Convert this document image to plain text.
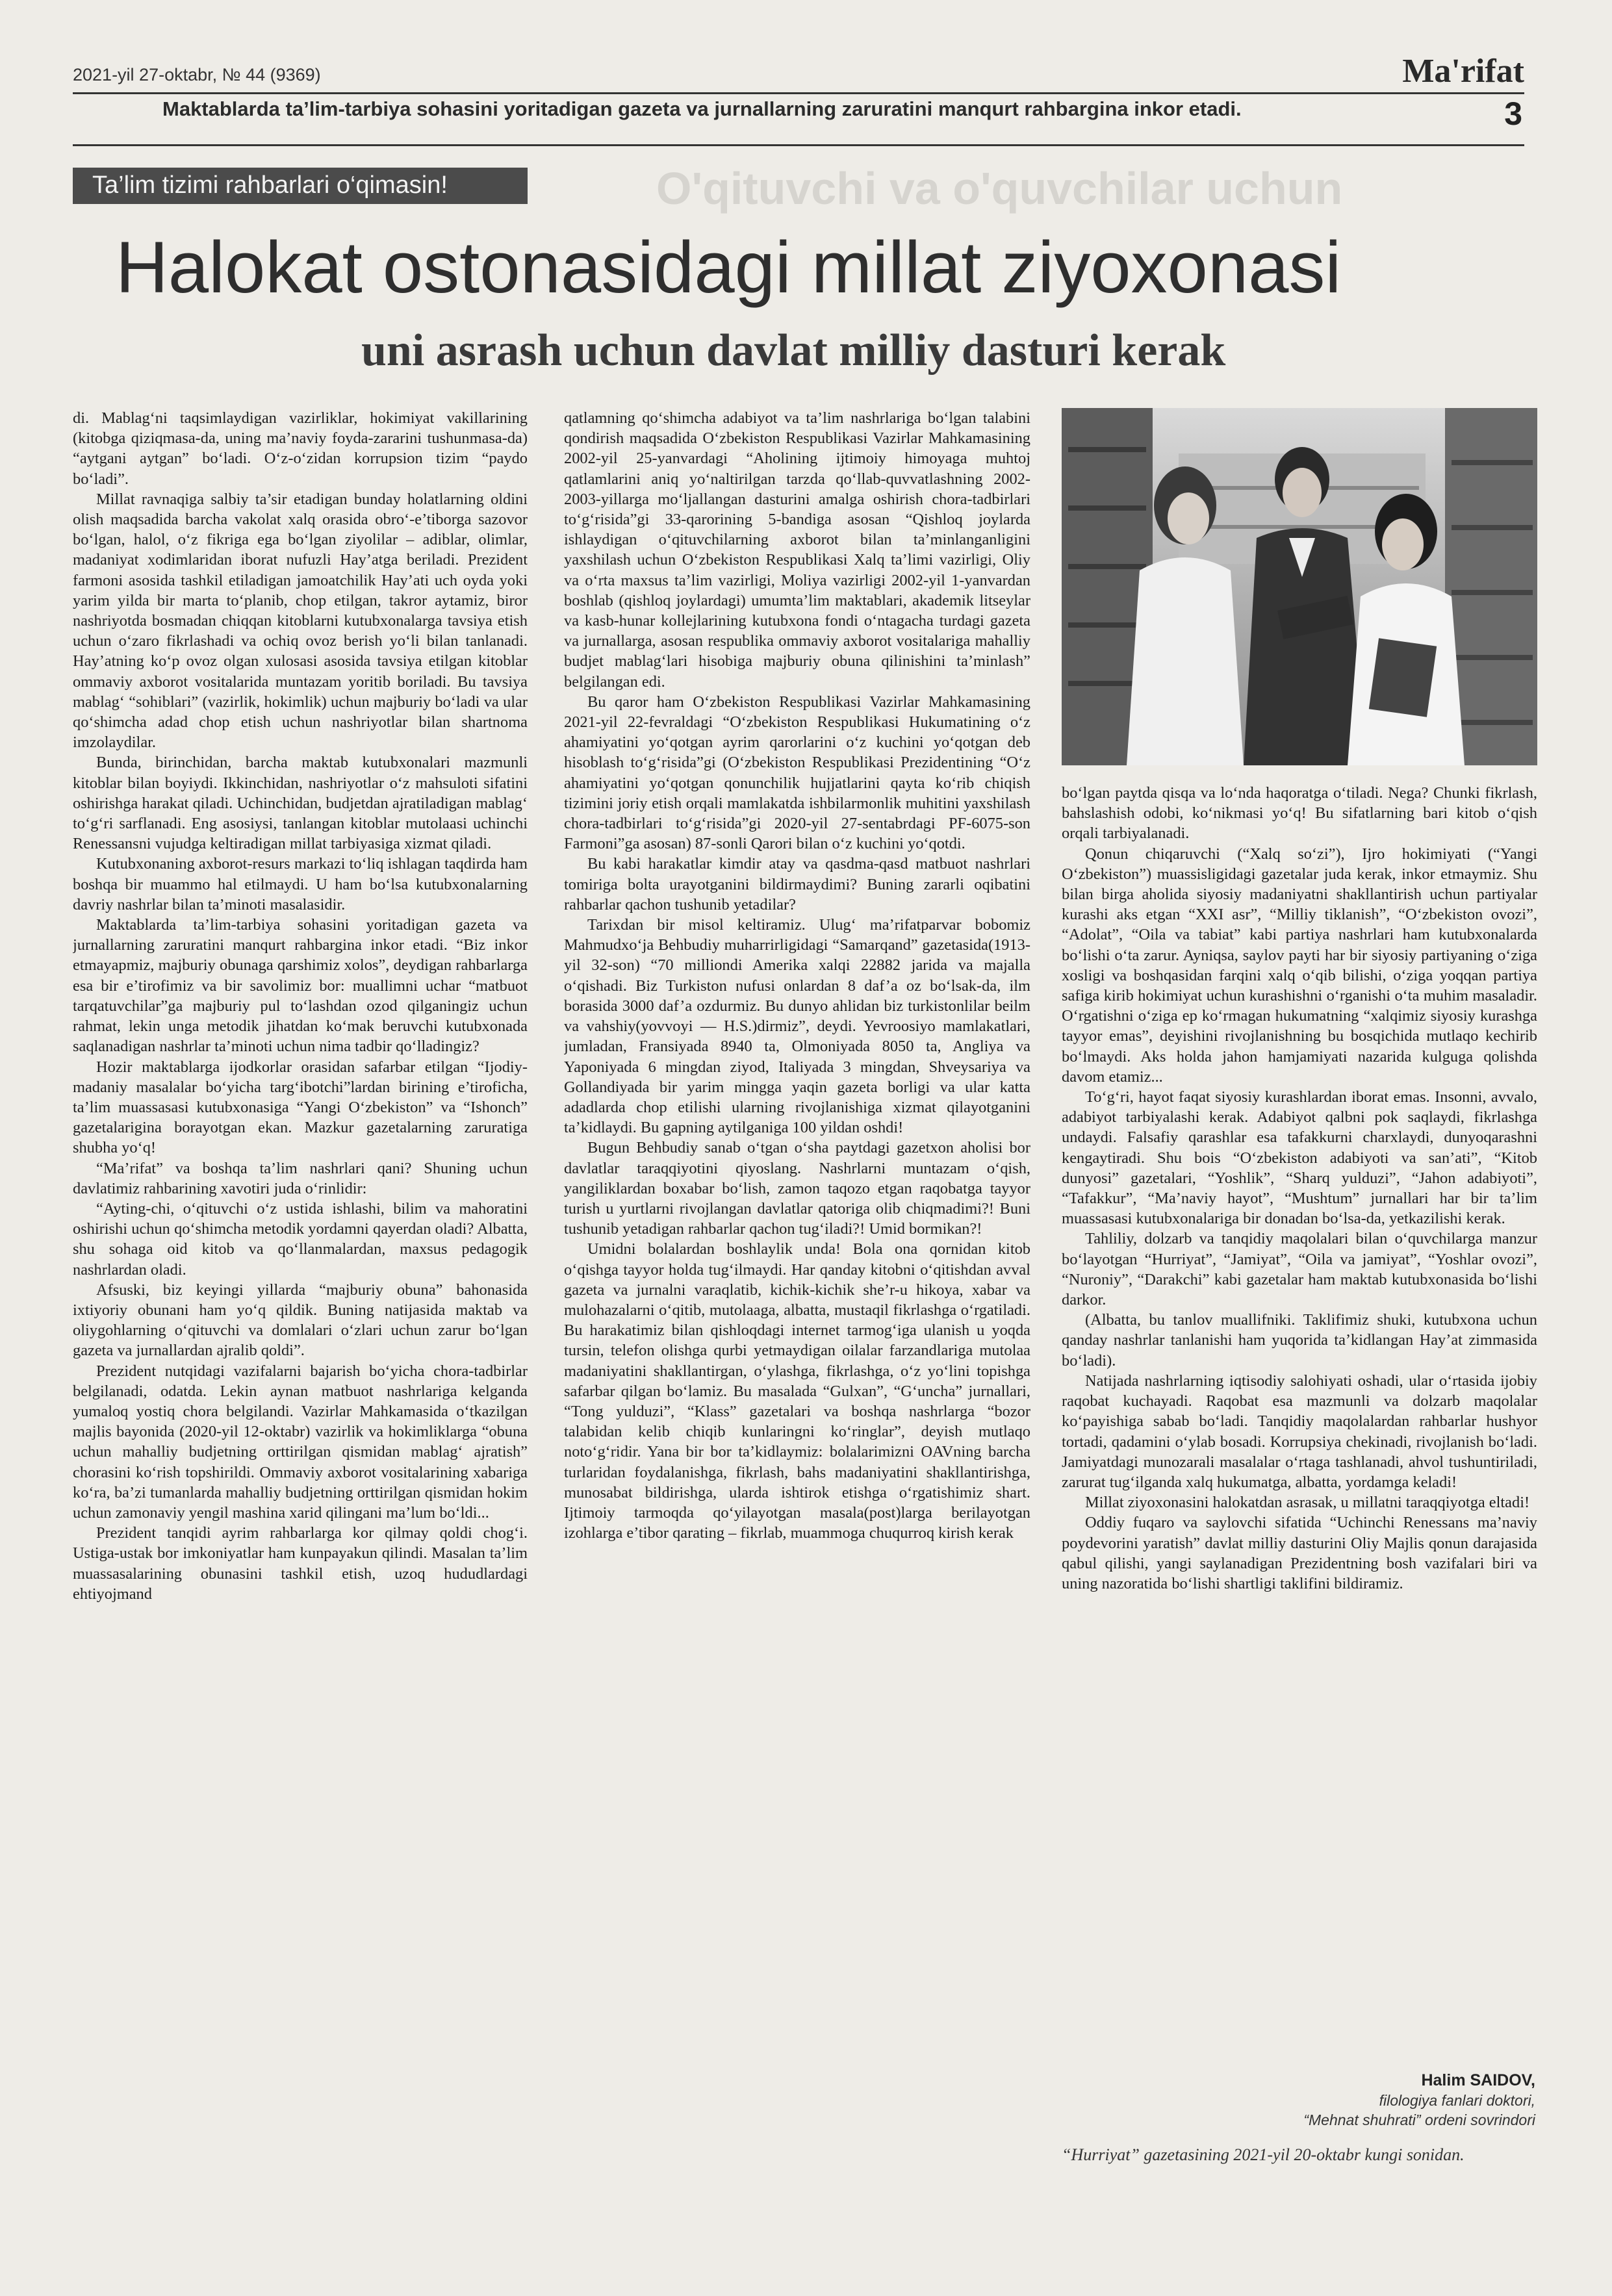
2021-yil 27-oktabr, № 44 (9369)	Ma'rifat
Maktablarda ta’lim-tarbiya sohasini yoritadigan gazeta va jurnallarning zaruratini manqurt rahbargina inkor etadi.	3
Ta’lim tizimi rahbarlari o‘qimasin!	O'qituvchi va o'quvchilar uchun
Halokat ostonasidagi millat ziyoxonasi
uni asrash uchun davlat milliy dasturi kerak

di. Mablag‘ni taqsimlaydigan vazirliklar, hokimiyat vakillarining (kitobga qiziqmasa-da, uning ma’naviy foyda-zararini tushunmasa-da) “aytgani aytgan” bo‘ladi. O‘z-o‘zidan korrupsion tizim “paydo bo‘ladi”.

Millat ravnaqiga salbiy ta’sir etadigan bunday holatlarning oldini olish maqsadida barcha vakolat xalq orasida obro‘-e’tiborga sazovor bo‘lgan, halol, o‘z fikriga ega bo‘lgan ziyolilar – adiblar, olimlar, madaniyat xodimlaridan iborat nufuzli Hay’atga beriladi. Prezident farmoni asosida tashkil etiladigan jamoatchilik Hay’ati uch oyda yoki yarim yilda bir marta to‘planib, chop etilgan, takror aytamiz, biror nashriyotda bosmadan chiqqan kitoblarni kutubxonalarga tavsiya etish uchun o‘zaro fikrlashadi va ochiq ovoz berish yo‘li bilan tanlanadi. Hay’atning ko‘p ovoz olgan xulosasi asosida tavsiya etilgan kitoblar ommaviy axborot vositalarida muntazam yoritib boriladi. Bu tavsiya mablag‘ “sohiblari” (vazirlik, hokimlik) uchun majburiy bo‘ladi va ular qo‘shimcha adad chop etish uchun nashriyotlar bilan shartnoma imzolaydilar.

Bunda, birinchidan, barcha maktab kutubxonalari mazmunli kitoblar bilan boyiydi. Ikkinchidan, nashriyotlar o‘z mahsuloti sifatini oshirishga harakat qiladi. Uchinchidan, budjetdan ajratiladigan mablag‘ to‘g‘ri sarflanadi. Eng asosiysi, tanlangan kitoblar mutolaasi uchinchi Renessansni vujudga keltiradigan millat tarbiyasiga xizmat qiladi.

Kutubxonaning axborot-resurs markazi to‘liq ishlagan taqdirda ham boshqa bir muammo hal etilmaydi. U ham bo‘lsa kutubxonalarning davriy nashrlar bilan ta’minoti masalasidir.

Maktablarda ta’lim-tarbiya sohasini yoritadigan gazeta va jurnallarning zaruratini manqurt rahbargina inkor etadi. “Biz inkor etmayapmiz, majburiy obunaga qarshimiz xolos”, deydigan rahbarlarga esa bir e’tirofimiz va bir savolimiz bor: muallimni uchar “matbuot tarqatuvchilar”ga majburiy pul to‘lashdan ozod qilganingiz uchun rahmat, lekin unga metodik jihatdan ko‘mak beruvchi kutubxonada saqlanadigan nashrlar ta’minoti uchun nima tadbir qo‘lladingiz?

Hozir maktablarga ijodkorlar orasidan safarbar etilgan “Ijodiy-madaniy masalalar bo‘yicha targ‘ibotchi”lardan birining e’tiroficha, ta’lim muassasasi kutubxonasiga “Yangi O‘zbekiston” va “Ishonch” gazetalarigina borayotgan ekan. Mazkur gazetalarning zaruratiga shubha yo‘q!

“Ma’rifat” va boshqa ta’lim nashrlari qani? Shuning uchun davlatimiz rahbarining xavotiri juda o‘rinlidir:

“Ayting-chi, o‘qituvchi o‘z ustida ishlashi, bilim va mahoratini oshirishi uchun qo‘shimcha metodik yordamni qayerdan oladi? Albatta, shu sohaga oid kitob va qo‘llanmalardan, maxsus pedagogik nashrlardan oladi.

Afsuski, biz keyingi yillarda “majburiy obuna” bahonasida ixtiyoriy obunani ham yo‘q qildik. Buning natijasida maktab va oliygohlarning o‘qituvchi va domlalari o‘zlari uchun zarur bo‘lgan gazeta va jurnallardan ajralib qoldi”.

Prezident nutqidagi vazifalarni bajarish bo‘yicha chora-tadbirlar belgilanadi, odatda. Lekin aynan matbuot nashrlariga kelganda yumaloq yostiq chora belgilandi. Vazirlar Mahkamasida o‘tkazilgan majlis bayonida (2020-yil 12-oktabr) vazirlik va hokimliklarga “obuna uchun mahalliy budjetning orttirilgan qismidan mablag‘ ajratish” chorasini ko‘rish topshirildi. Ommaviy axborot vositalarining xabariga ko‘ra, ba’zi tumanlarda mahalliy budjetning orttirilgan qismidan hokim uchun zamonaviy yengil mashina xarid qilingani ma’lum bo‘ldi...

Prezident tanqidi ayrim rahbarlarga kor qilmay qoldi chog‘i. Ustiga-ustak bor imkoniyatlar ham kunpayakun qilindi. Masalan ta’lim muassasalarining obunasini tashkil etish, uzoq hududlardagi ehtiyojmand

qatlamning qo‘shimcha adabiyot va ta’lim nashrlariga bo‘lgan talabini qondirish maqsadida O‘zbekiston Respublikasi Vazirlar Mahkamasining 2002-yil 25-yanvardagi “Aholining ijtimoiy himoyaga muhtoj qatlamlarini aniq yo‘naltirilgan tarzda qo‘llab-quvvatlashning 2002-2003-yillarga mo‘ljallangan dasturini amalga oshirish chora-tadbirlari to‘g‘risida”gi 33-qarorining 5-bandiga asosan “Qishloq joylarda ishlaydigan o‘qituvchilarning axborot bilan ta’minlanganligini yaxshilash uchun O‘zbekiston Respublikasi Xalq ta’limi vazirligi, Oliy va o‘rta maxsus ta’lim vazirligi, Moliya vazirligi 2002-yil 1-yanvardan boshlab (qishloq joylardagi) umumta’lim maktablari, akademik litseylar va kasb-hunar kollejlarining kutubxona fondi o‘ntagacha turdagi gazeta va jurnallarga, asosan respublika ommaviy axborot vositalariga mahalliy budjet mablag‘lari hisobiga majburiy obuna qilinishini ta’minlash” belgilangan edi.

Bu qaror ham O‘zbekiston Respublikasi Vazirlar Mahkamasining 2021-yil 22-fevraldagi “O‘zbekiston Respublikasi Hukumatining o‘z ahamiyatini yo‘qotgan ayrim qarorlarini o‘z kuchini yo‘qotgan deb hisoblash to‘g‘risida”gi (O‘zbekiston Respublikasi Prezidentining “O‘z ahamiyatini yo‘qotgan qonunchilik hujjatlarini qayta ko‘rib chiqish tizimini joriy etish orqali mamlakatda ishbilarmonlik muhitini yaxshilash chora-tadbirlari to‘g‘risida”gi 2020-yil 27-sentabrdagi PF-6075-son Farmoni”ga asosan) 87-sonli Qarori bilan o‘z kuchini yo‘qotdi.

Bu kabi harakatlar kimdir atay va qasdma-qasd matbuot nashrlari tomiriga bolta urayotganini bildirmaydimi? Buning zararli oqibatini rahbarlar qachon tushunib yetadilar?

Tarixdan bir misol keltiramiz. Ulug‘ ma’rifatparvar bobomiz Mahmudxo‘ja Behbudiy muharrirligidagi “Samarqand” gazetasida(1913-yil 32-son) “70 milliondi Amerika xalqi 22882 jarida va majalla o‘qishadi. Biz Turkiston nufusi onlardan 8 daf’a oz bo‘lsak-da, ilm borasida 3000 daf’a ozdurmiz. Bu dunyo ahlidan biz turkistonlilar beilm va vahshiy(yovvoyi — H.S.)dirmiz”, deydi. Yevroosiyo mamlakatlari, jumladan, Fransiyada 8940 ta, Olmoniyada 8050 ta, Angliya va Yaponiyada 6 mingdan ziyod, Italiyada 3 mingdan, Shveysariya va Gollandiyada bir yarim mingga yaqin gazeta borligi va ular katta adadlarda chop etilishi ularning rivojlanishiga xizmat qilayotganini ta’kidlaydi. Bu gapning aytilganiga 100 yildan oshdi!

Bugun Behbudiy sanab o‘tgan o‘sha paytdagi gazetxon aholisi bor davlatlar taraqqiyotini qiyoslang. Nashrlarni muntazam o‘qish, yangiliklardan boxabar bo‘lish, zamon taqozo etgan raqobatga tayyor turish u yurtlarni rivojlangan davlatlar qatoriga olib chiqmadimi?! Buni tushunib yetadigan rahbarlar qachon tug‘iladi?! Umid bormikan?!

Umidni bolalardan boshlaylik unda! Bola ona qornidan kitob o‘qishga tayyor holda tug‘ilmaydi. Har qanday kitobni o‘qitishdan avval gazeta va jurnalni varaqlatib, kichik-kichik she’r-u hikoya, xabar va mulohazalarni o‘qitib, mutolaaga, albatta, mustaqil fikrlashga o‘rgatiladi. Bu harakatimiz bilan qishloqdagi internet tarmog‘iga ulanish u yoqda tursin, telefon olishga qurbi yetmaydigan oilalar farzandlariga mutolaa madaniyatini shakllantirgan, o‘ylashga, fikrlashga, o‘z yo‘lini topishga safarbar qilgan bo‘lamiz. Bu masalada “Gulxan”, “G‘uncha” jurnallari, “Tong yulduzi”, “Klass” gazetalari va boshqa nashrlarga “bozor talabidan kelib chiqib kunlaringni ko‘ringlar”, deyish mutlaqo noto‘g‘ridir. Yana bir bor ta’kidlaymiz: bolalarimizni OAVning barcha turlaridan foydalanishga, fikrlash, bahs madaniyatini shakllantirishga, munosabat bildirishga, ularda ishtirok etishga o‘rgatishimiz shart. Ijtimoiy tarmoqda qo‘yilayotgan masala(post)larga berilayotgan izohlarga e’tibor qarating – fikrlab, muammoga chuqurroq kirish kerak

bo‘lgan paytda qisqa va lo‘nda haqoratga o‘tiladi. Nega? Chunki fikrlash, bahslashish odobi, ko‘nikmasi yo‘q! Bu sifatlarning bari kitob o‘qish orqali tarbiyalanadi.

Qonun chiqaruvchi (“Xalq so‘zi”), Ijro hokimiyati (“Yangi O‘zbekiston”) muassisligidagi gazetalar juda kerak, inkor etmaymiz. Shu bilan birga aholida siyosiy madaniyatni shakllantirish uchun partiyalar kurashi aks etgan “XXI asr”, “Milliy tiklanish”, “O‘zbekiston ovozi”, “Adolat”, “Oila va tabiat” kabi partiya nashrlari ham kutubxonalarda bo‘lishi o‘ta zarur. Ayniqsa, saylov payti har bir siyosiy partiyaning o‘ziga xosligi va boshqasidan farqini xalq o‘qib bilishi, o‘ziga yoqqan partiya safiga kirib hokimiyat uchun kurashishni o‘rganishi o‘ta muhim masaladir. O‘rgatishni o‘ziga ep ko‘rmagan hukumatning “xalqimiz siyosiy kurashga tayyor emas”, deyishini rivojlanishning bu bosqichida mutlaqo kechirib bo‘lmaydi. Aks holda jahon hamjamiyati nazarida kulguga qolishda davom etamiz...

To‘g‘ri, hayot faqat siyosiy kurashlardan iborat emas. Insonni, avvalo, adabiyot tarbiyalashi kerak. Adabiyot qalbni pok saqlaydi, fikrlashga undaydi. Falsafiy qarashlar esa tafakkurni charxlaydi, dunyoqarashni kengaytiradi. Shu bois “O‘zbekiston adabiyoti va san’ati”, “Kitob dunyosi” gazetalari, “Yoshlik”, “Sharq yulduzi”, “Jahon adabiyoti”, “Tafakkur”, “Ma’naviy hayot”, “Mushtum” jurnallari har bir ta’lim muassasasi kutubxonalariga bir donadan bo‘lsa-da, yetkazilishi kerak.

Tahliliy, dolzarb va tanqidiy maqolalari bilan o‘quvchilarga manzur bo‘layotgan “Hurriyat”, “Jamiyat”, “Oila va jamiyat”, “Yoshlar ovozi”, “Nuroniy”, “Darakchi” kabi gazetalar ham maktab kutubxonasida bo‘lishi darkor.

(Albatta, bu tanlov muallifniki. Taklifimiz shuki, kutubxona uchun qanday nashrlar tanlanishi ham yuqorida ta’kidlangan Hay’at zimmasida bo‘ladi).

Natijada nashrlarning iqtisodiy salohiyati oshadi, ular o‘rtasida ijobiy raqobat kuchayadi. Raqobat esa mazmunli va dolzarb maqolalar ko‘payishiga sabab bo‘ladi. Tanqidiy maqolalardan rahbarlar hushyor tortadi, qadamini o‘ylab bosadi. Korrupsiya chekinadi, rivojlanish bo‘ladi. Jamiyatdagi munozarali masalalar o‘rtaga tashlanadi, ahvol tushuntiriladi, zarurat tug‘ilganda xalq hukumatga, albatta, yordamga keladi!

Millat ziyoxonasini halokatdan asrasak, u millatni taraqqiyotga eltadi!

Oddiy fuqaro va saylovchi sifatida “Uchinchi Renessans ma’naviy poydevorini yaratish” davlat milliy dasturini Oliy Majlis qonun darajasida qabul qilishi, yangi saylanadigan Prezidentning bosh vazifalari biri va uning nazoratida bo‘lishi shartligi taklifini bildiramiz.

Halim SAIDOV,
filologiya fanlari doktori,
“Mehnat shuhrati” ordeni sovrindori
“Hurriyat” gazetasining 2021-yil 20-oktabr kungi sonidan.
